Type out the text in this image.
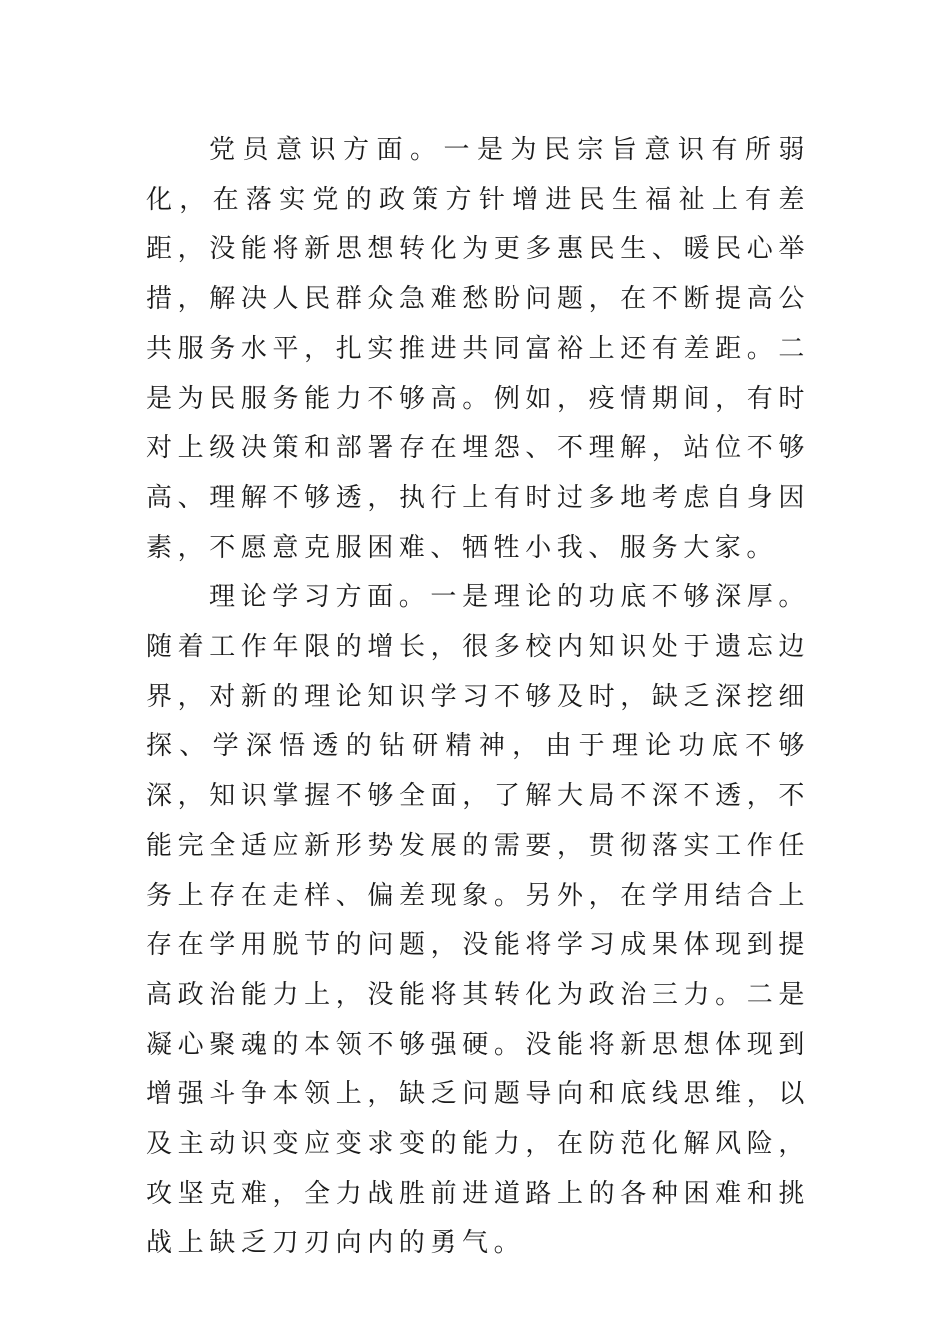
党员意识方面。一是为民宗旨意识有所弱化，在落实党的政策方针增进民生福祉上有差距，没能将新思想转化为更多惠民生、暖民心举措，解决人民群众急难愁盼问题，在不断提高公共服务水平，扎实推进共同富裕上还有差距。二是为民服务能力不够高。例如，疫情期间，有时对上级决策和部署存在埋怨、不理解，站位不够高、理解不够透，执行上有时过多地考虑自身因素，不愿意克服困难、牺牲小我、服务大家。

理论学习方面。一是理论的功底不够深厚。随着工作年限的增长，很多校内知识处于遗忘边界，对新的理论知识学习不够及时，缺乏深挖细探、学深悟透的钻研精神，由于理论功底不够深，知识掌握不够全面，了解大局不深不透，不能完全适应新形势发展的需要，贯彻落实工作任务上存在走样、偏差现象。另外，在学用结合上存在学用脱节的问题，没能将学习成果体现到提高政治能力上，没能将其转化为政治三力。二是凝心聚魂的本领不够强硬。没能将新思想体现到增强斗争本领上，缺乏问题导向和底线思维，以及主动识变应变求变的能力，在防范化解风险，攻坚克难，全力战胜前进道路上的各种困难和挑战上缺乏刀刃向内的勇气。
